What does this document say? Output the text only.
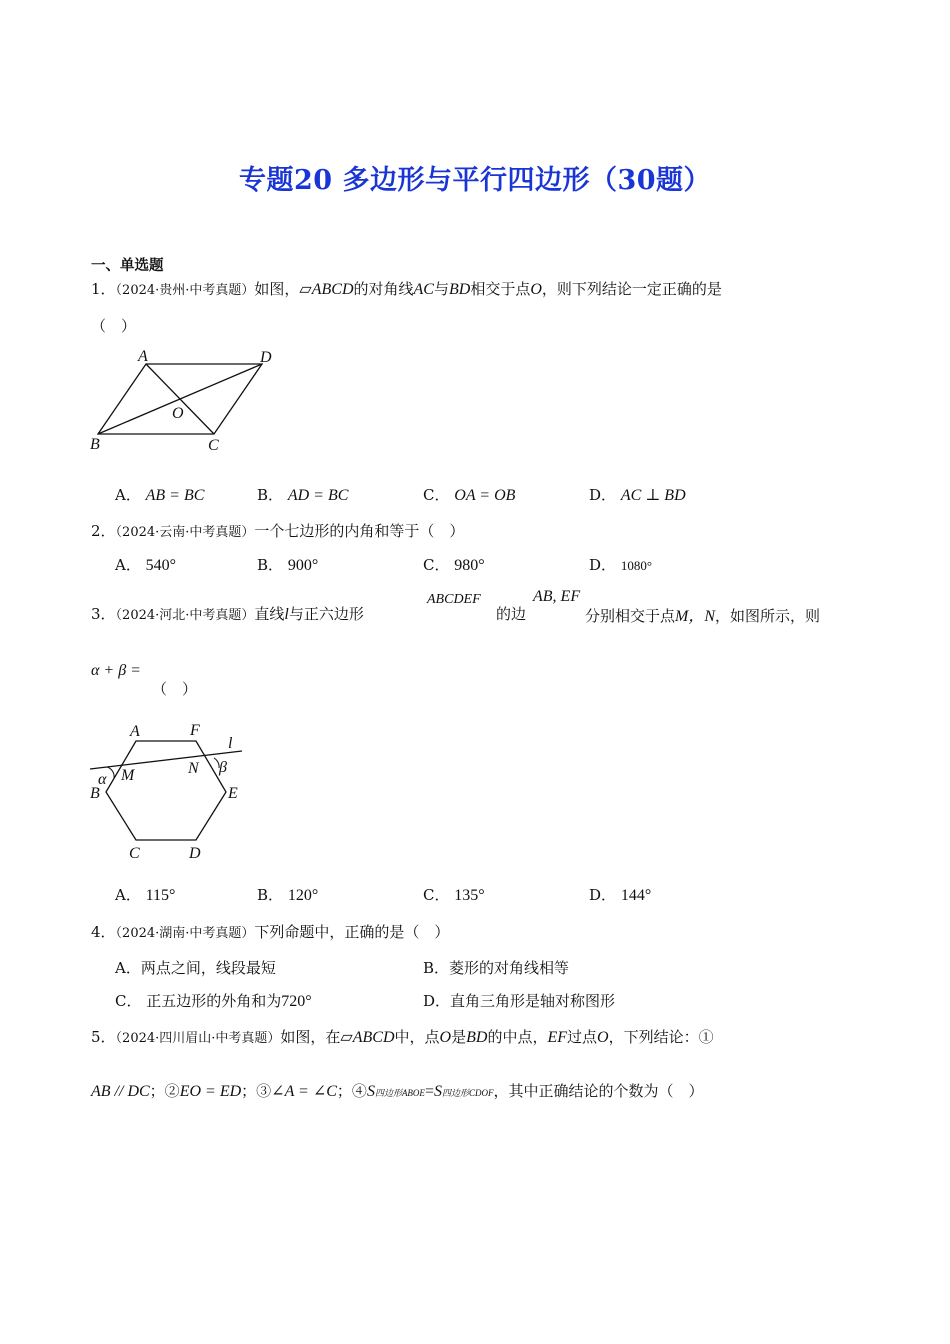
专题20 多边形与平行四边形（30题）
一、单选题
1．（2024·贵州·中考真题）如图，⏥ABCD的对角线AC与BD相交于点O，则下列结论一定正确的是
（　）
A	D
O
B	C
A． AB = BC	B． AD = BC	C． OA = OB	D． AC ⊥ BD
2．（2024·云南·中考真题）一个七边形的内角和等于（　）
A． 540°	B． 900°	C． 980°	D． 1080°
3．（2024·河北·中考真题）直线l与正六边形
ABCDEF
的边
AB, EF
分别相交于点M，N，如图所示，则
α + β =
（　）
A	F
l
M	N
α
β
B	E
C	D
A． 115°	B． 120°	C． 135°	D． 144°
4．（2024·湖南·中考真题）下列命题中，正确的是（　）
A．两点之间，线段最短	B．菱形的对角线相等
C． 正五边形的外角和为720°	D．直角三角形是轴对称图形
5．（2024·四川眉山·中考真题）如图，在⏥ABCD中，点O是BD的中点，EF过点O，下列结论：①
AB // DC；②EO = ED；③∠A = ∠C；④S四边形ABOE=S四边形CDOF，其中正确结论的个数为（　）
